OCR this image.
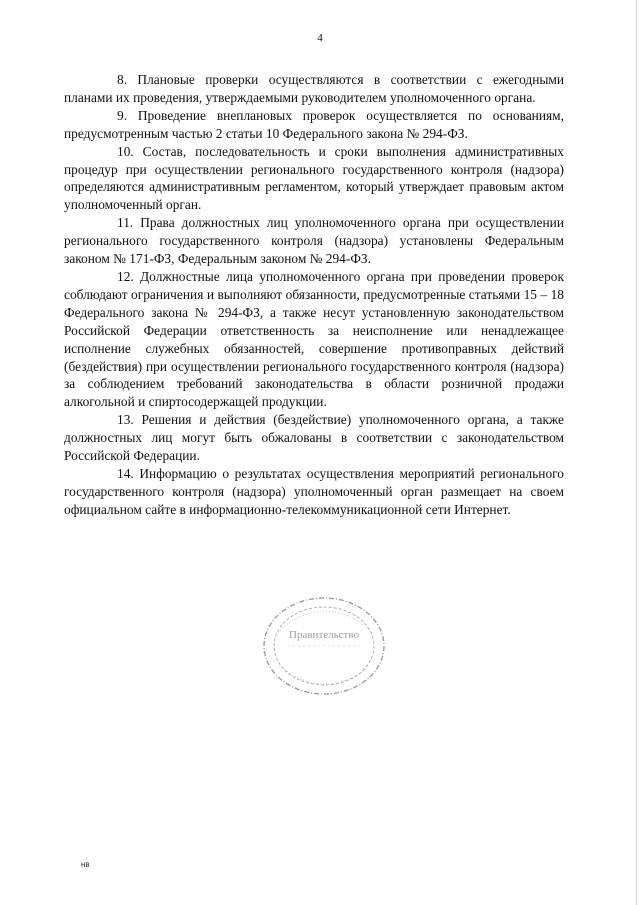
4

8. Плановые проверки осуществляются в соответствии с ежегодными планами их проведения, утверждаемыми руководителем уполномоченного органа.

9. Проведение внеплановых проверок осуществляется по основаниям, предусмотренным частью 2 статьи 10 Федерального закона № 294-ФЗ.

10. Состав, последовательность и сроки выполнения административных процедур при осуществлении регионального государственного контроля (надзора) определяются административным регламентом, который утверждает правовым актом уполномоченный орган.

11. Права должностных лиц уполномоченного органа при осуществлении регионального государственного контроля (надзора) установлены Федеральным законом № 171-ФЗ, Федеральным законом № 294-ФЗ.

12. Должностные лица уполномоченного органа при проведении проверок соблюдают ограничения и выполняют обязанности, предусмотренные статьями 15 – 18 Федерального закона № 294-ФЗ, а также несут установленную законодательством Российской Федерации ответственность за неисполнение или ненадлежащее исполнение служебных обязанностей, совершение противоправных действий (бездействия) при осуществлении регионального государственного контроля (надзора) за соблюдением требований законодательства в области розничной продажи алкогольной и спиртосодержащей продукции.

13. Решения и действия (бездействие) уполномоченного органа, а также должностных лиц могут быть обжалованы в соответствии с законодательством Российской Федерации.

14. Информацию о результатах осуществления мероприятий регионального государственного контроля (надзора) уполномоченный орган размещает на своем официальном сайте в информационно-телекоммуникационной сети Интернет.

Правительство
нв
